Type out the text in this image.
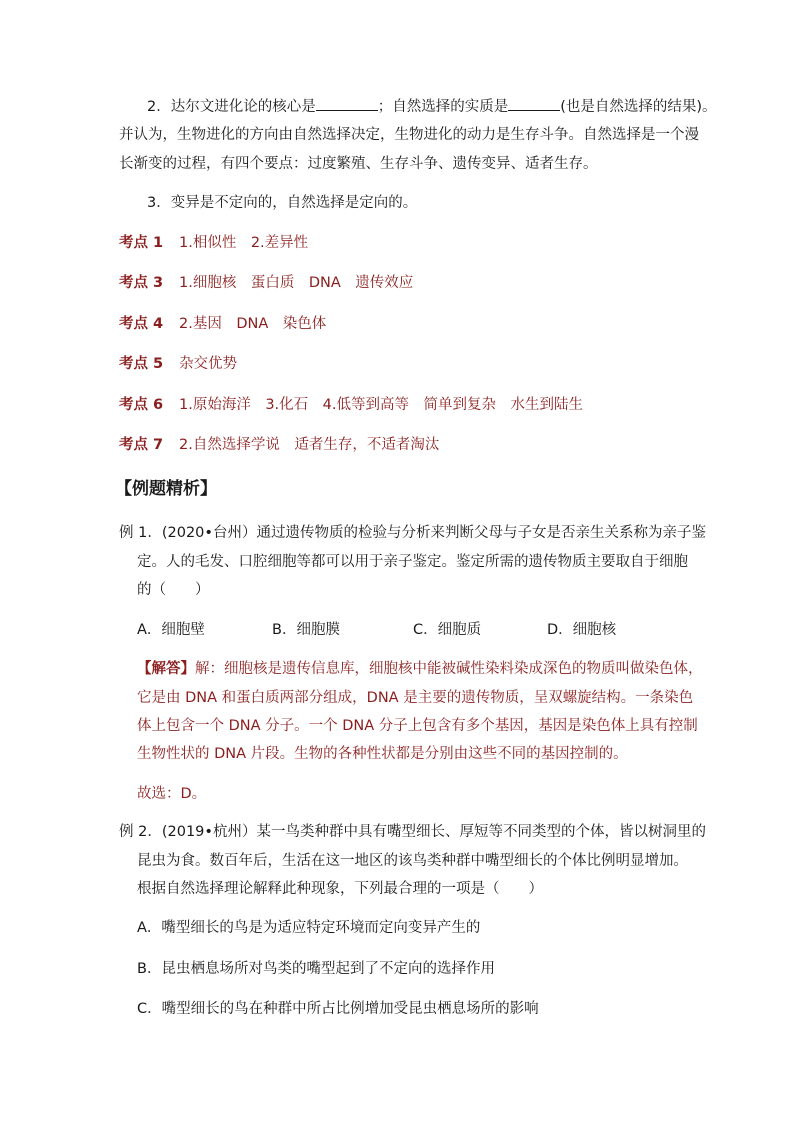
2．达尔文进化论的核心是	；自然选择的实质是	(也是自然选择的结果)。
并认为，生物进化的方向由自然选择决定，生物进化的动力是生存斗争。自然选择是一个漫
长渐变的过程，有四个要点：过度繁殖、生存斗争、遗传变异、适者生存。
3．变异是不定向的，自然选择是定向的。
考点 1 1.相似性　2.差异性
考点 3 1.细胞核　蛋白质　DNA　遗传效应
考点 4 2.基因　DNA　染色体
考点 5 杂交优势
考点 6 1.原始海洋　3.化石　4.低等到高等　简单到复杂　水生到陆生
考点 7 2.自然选择学说　适者生存，不适者淘汰
【例题精析】
例 1．(2020•台州）通过遗传物质的检验与分析来判断父母与子女是否亲生关系称为亲子鉴
定。人的毛发、口腔细胞等都可以用于亲子鉴定。鉴定所需的遗传物质主要取自于细胞
的（　　）
A．细胞壁	B．细胞膜	C．细胞质	D．细胞核
【解答】解：细胞核是遗传信息库，细胞核中能被碱性染料染成深色的物质叫做染色体，
它是由 DNA 和蛋白质两部分组成，DNA 是主要的遗传物质，呈双螺旋结构。一条染色
体上包含一个 DNA 分子。一个 DNA 分子上包含有多个基因，基因是染色体上具有控制
生物性状的 DNA 片段。生物的各种性状都是分别由这些不同的基因控制的。
故选：D。
例 2．(2019•杭州）某一鸟类种群中具有嘴型细长、厚短等不同类型的个体，皆以树洞里的
昆虫为食。数百年后，生活在这一地区的该鸟类种群中嘴型细长的个体比例明显增加。
根据自然选择理论解释此种现象，下列最合理的一项是（　　）
A．嘴型细长的鸟是为适应特定环境而定向变异产生的
B．昆虫栖息场所对鸟类的嘴型起到了不定向的选择作用
C．嘴型细长的鸟在种群中所占比例增加受昆虫栖息场所的影响
